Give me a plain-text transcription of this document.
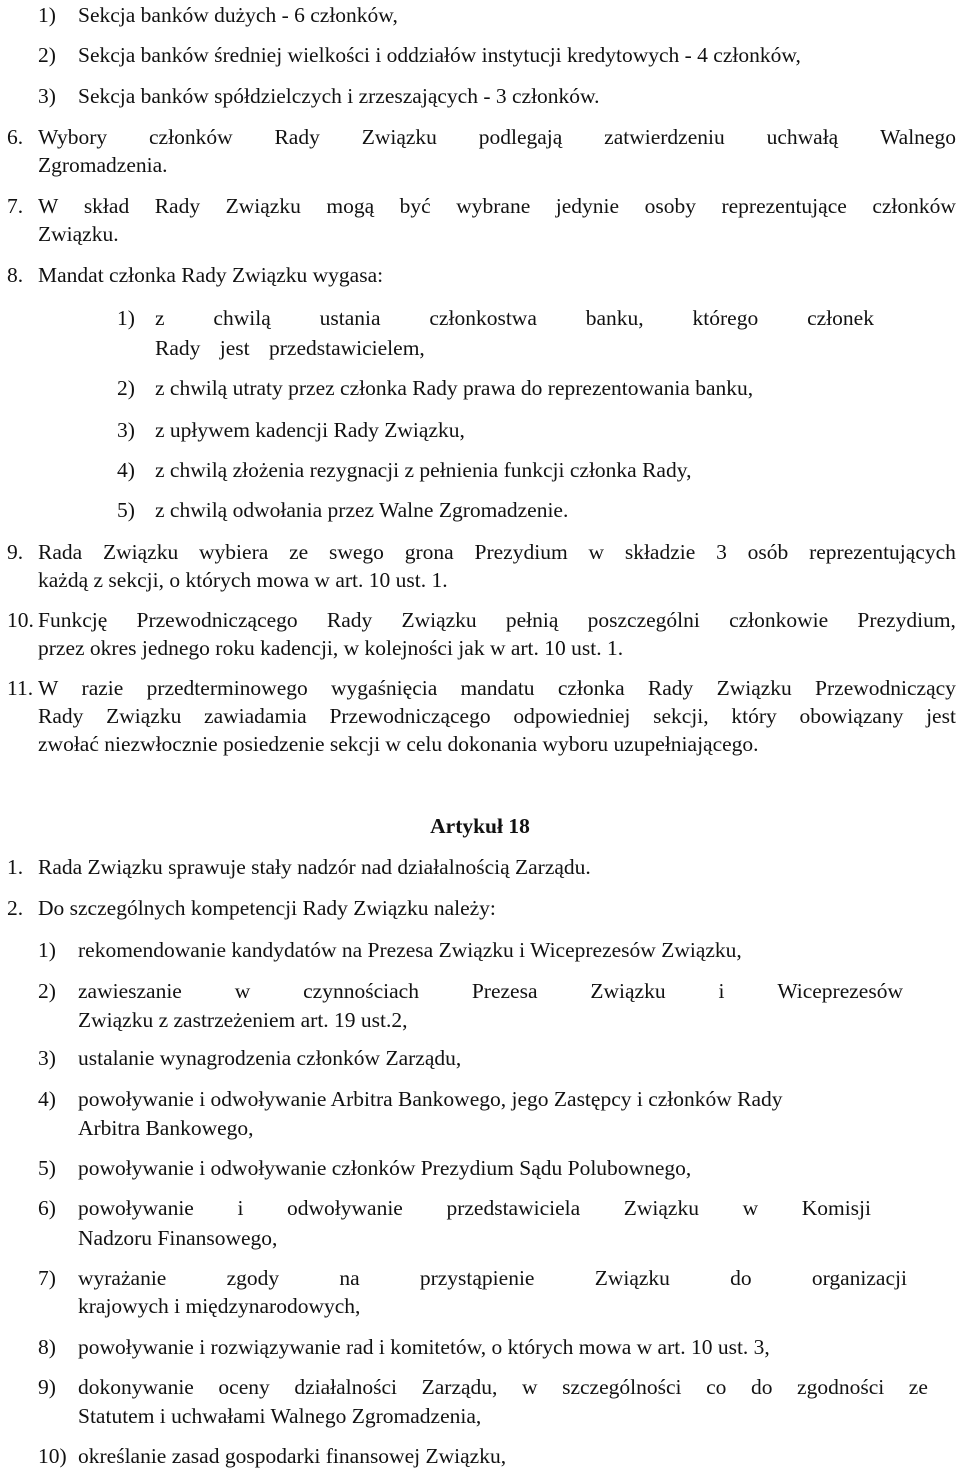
1) Sekcja banków dużych - 6 członków,
2) Sekcja banków średniej wielkości i oddziałów instytucji kredytowych - 4 członków,
3) Sekcja banków spółdzielczych i zrzeszających - 3 członków.
6. Wybory członków Rady Związku podlegają zatwierdzeniu uchwałą Walnego
Zgromadzenia.
7. W skład Rady Związku mogą być wybrane jedynie osoby reprezentujące członków
Związku.
8. Mandat członka Rady Związku wygasa:
1) z chwilą ustania członkostwa banku, którego członek
Rady jest przedstawicielem,
2) z chwilą utraty przez członka Rady prawa do reprezentowania banku,
3) z upływem kadencji Rady Związku,
4) z chwilą złożenia rezygnacji z pełnienia funkcji członka Rady,
5) z chwilą odwołania przez Walne Zgromadzenie.
9. Rada Związku wybiera ze swego grona Prezydium w składzie 3 osób reprezentujących
każdą z sekcji, o których mowa w art. 10 ust. 1.
10. Funkcję Przewodniczącego Rady Związku pełnią poszczególni członkowie Prezydium,
przez okres jednego roku kadencji, w kolejności jak w art. 10 ust. 1.
11. W razie przedterminowego wygaśnięcia mandatu członka Rady Związku Przewodniczący
Rady Związku zawiadamia Przewodniczącego odpowiedniej sekcji, który obowiązany jest
zwołać niezwłocznie posiedzenie sekcji w celu dokonania wyboru uzupełniającego.
Artykuł 18
1. Rada Związku sprawuje stały nadzór nad działalnością Zarządu.
2. Do szczególnych kompetencji Rady Związku należy:
1) rekomendowanie kandydatów na Prezesa Związku i Wiceprezesów Związku,
2) zawieszanie w czynnościach Prezesa Związku i Wiceprezesów
Związku z zastrzeżeniem art. 19 ust.2,
3) ustalanie wynagrodzenia członków Zarządu,
4) powoływanie i odwoływanie Arbitra Bankowego, jego Zastępcy i członków Rady
Arbitra Bankowego,
5) powoływanie i odwoływanie członków Prezydium Sądu Polubownego,
6) powoływanie i odwoływanie przedstawiciela Związku w Komisji
Nadzoru Finansowego,
7) wyrażanie	zgody	na	przystąpienie	Związku	do	organizacji
krajowych i międzynarodowych,
8) powoływanie i rozwiązywanie rad i komitetów, o których mowa w art. 10 ust. 3,
9) dokonywanie oceny działalności Zarządu, w szczególności co do zgodności ze
Statutem i uchwałami Walnego Zgromadzenia,
10) określanie zasad gospodarki finansowej Związku,
